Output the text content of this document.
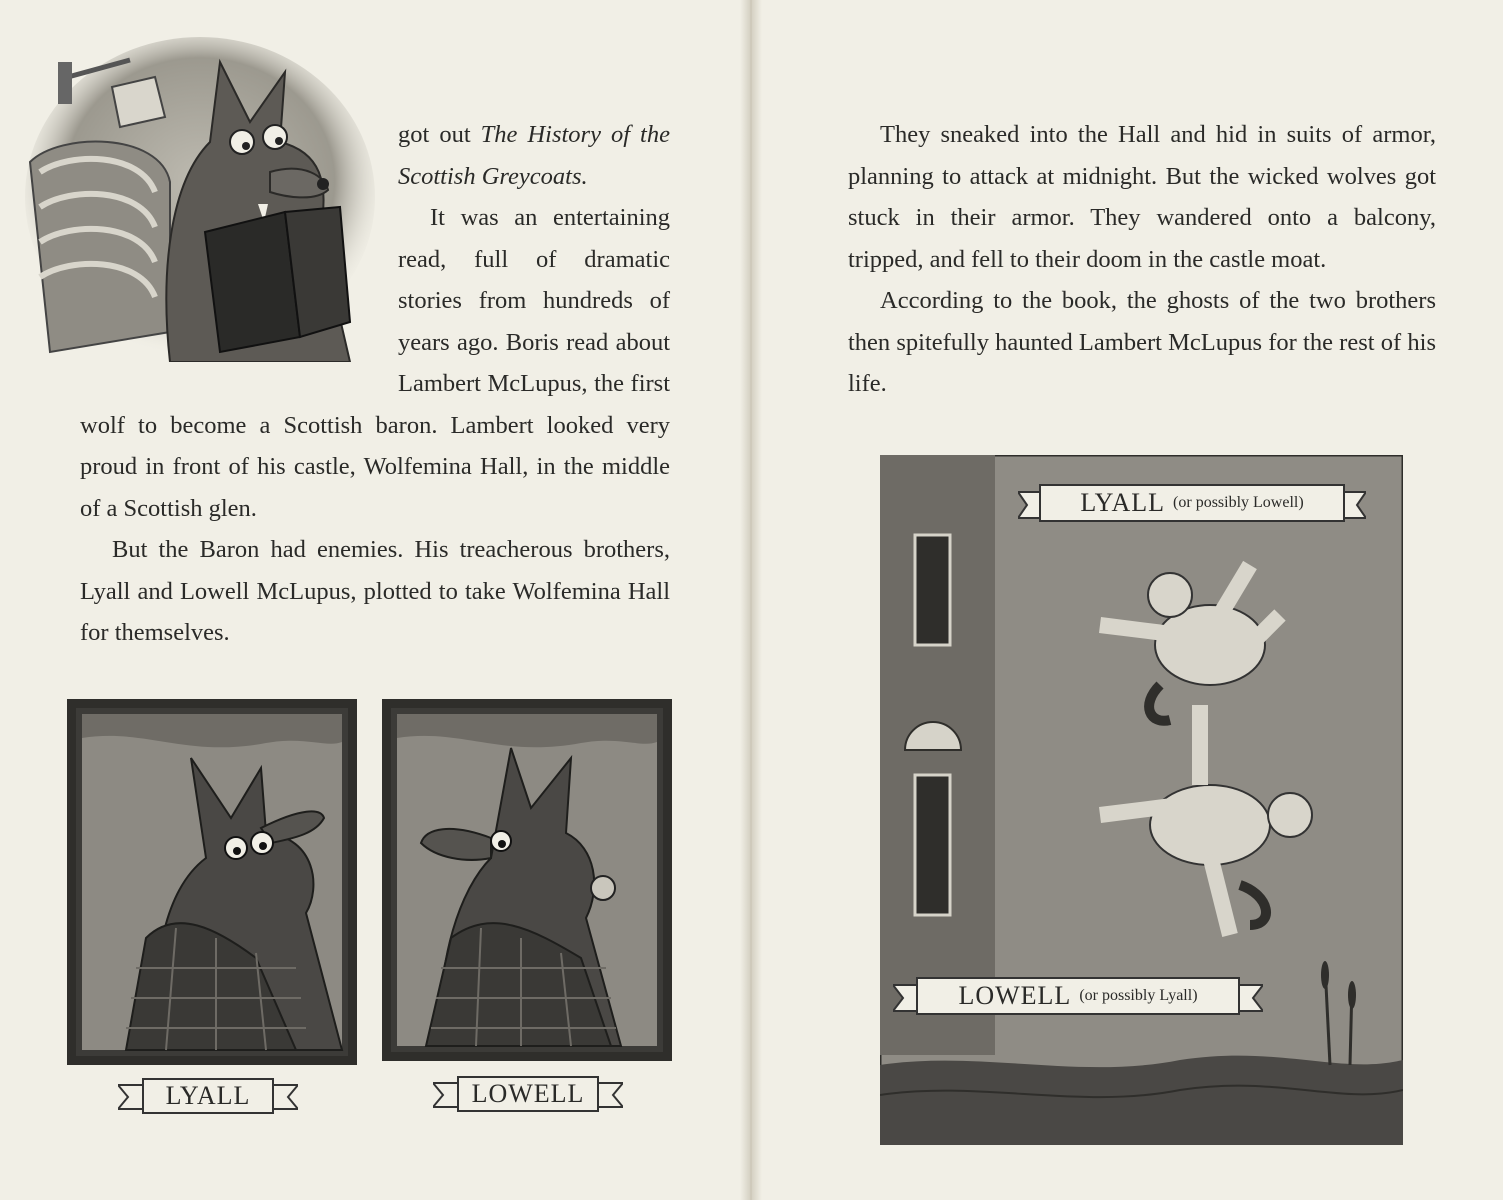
got out The History of the Scottish Greycoats.

It was an entertaining read, full of dramatic stories from hundreds of years ago. Boris read about Lambert McLupus, the first wolf to become a Scottish baron. Lambert looked very proud in front of his castle, Wolfemina Hall, in the middle of a Scottish glen.

But the Baron had enemies. His treacherous brothers, Lyall and Lowell McLupus, plotted to take Wolfemina Hall for themselves.

LYALL	LOWELL

They sneaked into the Hall and hid in suits of armor, planning to attack at midnight. But the wicked wolves got stuck in their armor. They wandered onto a balcony, tripped, and fell to their doom in the castle moat.

According to the book, the ghosts of the two brothers then spitefully haunted Lambert McLupus for the rest of his life.

LYALL (or possibly Lowell)
LOWELL (or possibly Lyall)
